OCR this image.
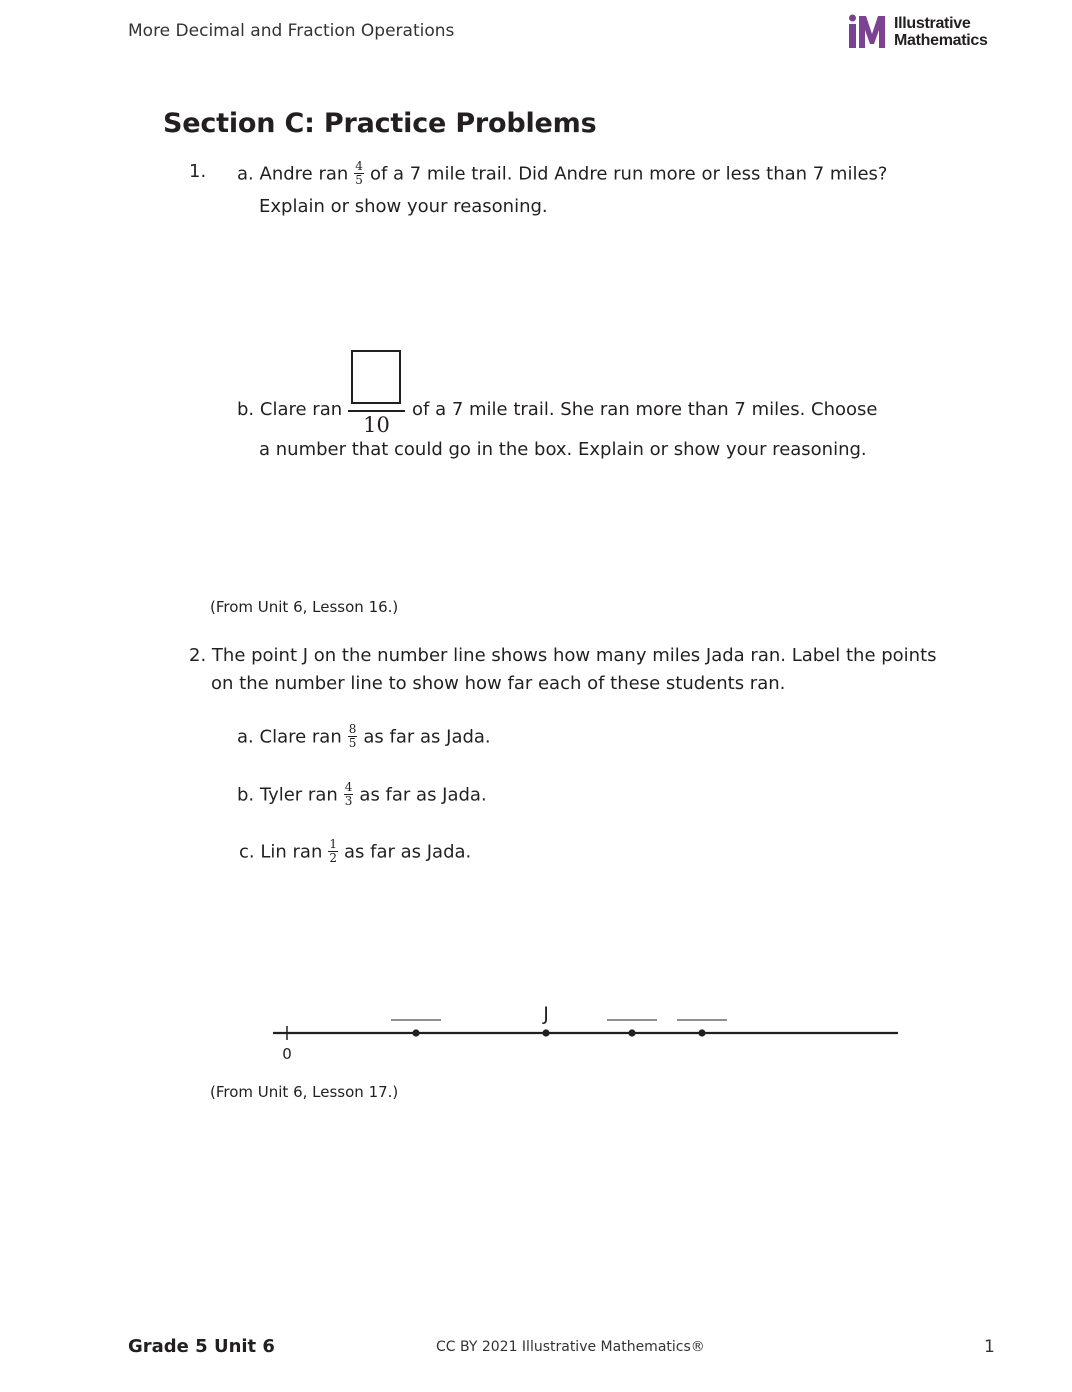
More Decimal and Fraction Operations	Illustrative
Mathematics
Section C: Practice Problems
1. a. Andre ran $\frac{4}{5}$ of a 7 mile trail. Did Andre run more or less than 7 miles?
Explain or show your reasoning.
b. Clare ran
10
of a 7 mile trail. She ran more than 7 miles. Choose
a number that could go in the box. Explain or show your reasoning.
(From Unit 6, Lesson 16.)
2. The point J on the number line shows how many miles Jada ran. Label the points
on the number line to show how far each of these students ran.
a. Clare ran $\frac{8}{5}$ as far as Jada.
b. Tyler ran $\frac{4}{3}$ as far as Jada.
c. Lin ran $\frac{1}{2}$ as far as Jada.
0
J
(From Unit 6, Lesson 17.)
Grade 5 Unit 6	CC BY 2021 Illustrative Mathematics®	1
